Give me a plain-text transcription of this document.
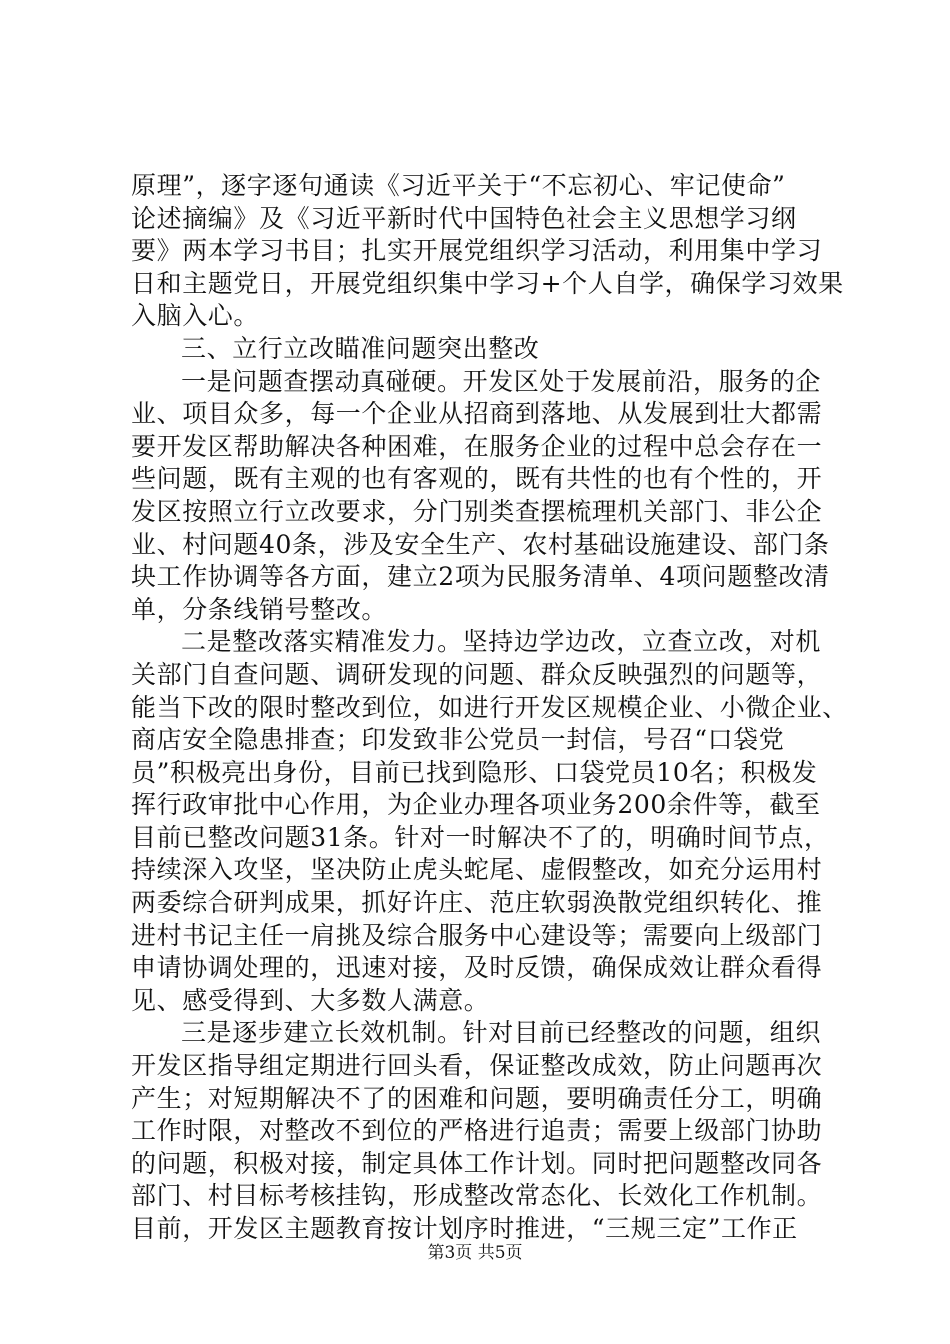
原理”，逐字逐句通读《习近平关于“不忘初心、牢记使命”
论述摘编》及《习近平新时代中国特色社会主义思想学习纲
要》两本学习书目；扎实开展党组织学习活动，利用集中学习
日和主题党日，开展党组织集中学习+个人自学，确保学习效果
入脑入心。
三、立行立改瞄准问题突出整改
一是问题查摆动真碰硬。开发区处于发展前沿，服务的企
业、项目众多，每一个企业从招商到落地、从发展到壮大都需
要开发区帮助解决各种困难，在服务企业的过程中总会存在一
些问题，既有主观的也有客观的，既有共性的也有个性的，开
发区按照立行立改要求，分门别类查摆梳理机关部门、非公企
业、村问题40条，涉及安全生产、农村基础设施建设、部门条
块工作协调等各方面，建立2项为民服务清单、4项问题整改清
单，分条线销号整改。
二是整改落实精准发力。坚持边学边改，立查立改，对机
关部门自查问题、调研发现的问题、群众反映强烈的问题等，
能当下改的限时整改到位，如进行开发区规模企业、小微企业、
商店安全隐患排查；印发致非公党员一封信，号召“口袋党
员”积极亮出身份，目前已找到隐形、口袋党员10名；积极发
挥行政审批中心作用，为企业办理各项业务200余件等，截至
目前已整改问题31条。针对一时解决不了的，明确时间节点，
持续深入攻坚，坚决防止虎头蛇尾、虚假整改，如充分运用村
两委综合研判成果，抓好许庄、范庄软弱涣散党组织转化、推
进村书记主任一肩挑及综合服务中心建设等；需要向上级部门
申请协调处理的，迅速对接，及时反馈，确保成效让群众看得
见、感受得到、大多数人满意。
三是逐步建立长效机制。针对目前已经整改的问题，组织
开发区指导组定期进行回头看，保证整改成效，防止问题再次
产生；对短期解决不了的困难和问题，要明确责任分工，明确
工作时限，对整改不到位的严格进行追责；需要上级部门协助
的问题，积极对接，制定具体工作计划。同时把问题整改同各
部门、村目标考核挂钩，形成整改常态化、长效化工作机制。
目前，开发区主题教育按计划序时推进，“三规三定”工作正
第3页 共5页
